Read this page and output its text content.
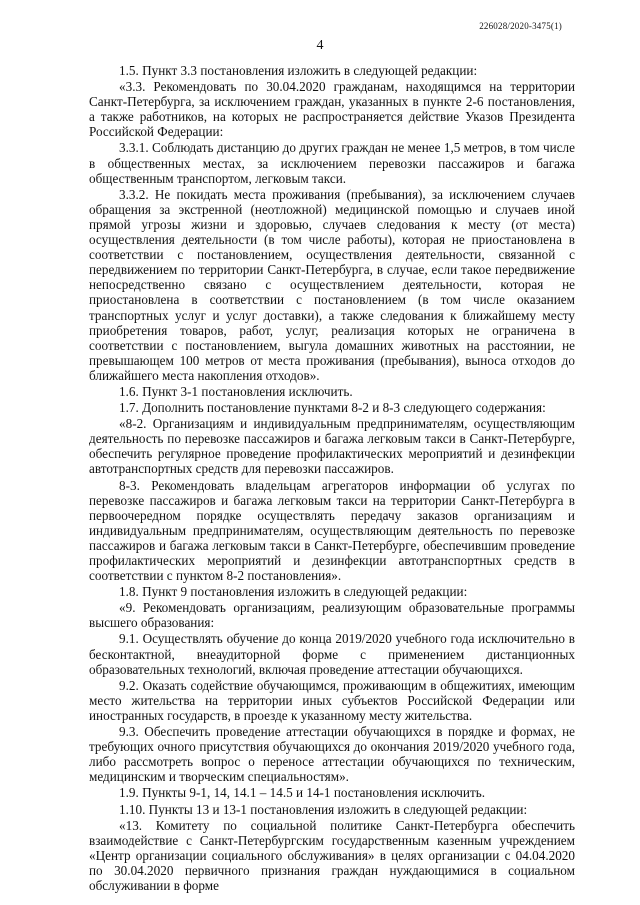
226028/2020-3475(1)
4

1.5. Пункт 3.3 постановления изложить в следующей редакции:

«3.3. Рекомендовать по 30.04.2020 гражданам, находящимся на территории Санкт-Петербурга, за исключением граждан, указанных в пункте 2-6 постановления, а также работников, на которых не распространяется действие Указов Президента Российской Федерации:

3.3.1. Соблюдать дистанцию до других граждан не менее 1,5 метров, в том числе в общественных местах, за исключением перевозки пассажиров и багажа общественным транспортом, легковым такси.

3.3.2. Не покидать места проживания (пребывания), за исключением случаев обращения за экстренной (неотложной) медицинской помощью и случаев иной прямой угрозы жизни и здоровью, случаев следования к месту (от места) осуществления деятельности (в том числе работы), которая не приостановлена в соответствии с постановлением, осуществления деятельности, связанной с передвижением по территории Санкт-Петербурга, в случае, если такое передвижение непосредственно связано с осуществлением деятельности, которая не приостановлена в соответствии с постановлением (в том числе оказанием транспортных услуг и услуг доставки), а также следования к ближайшему месту приобретения товаров, работ, услуг, реализация которых не ограничена в соответствии с постановлением, выгула домашних животных на расстоянии, не превышающем 100 метров от места проживания (пребывания), выноса отходов до ближайшего места накопления отходов».

1.6. Пункт 3-1 постановления исключить.

1.7. Дополнить постановление пунктами 8-2 и 8-3 следующего содержания:

«8-2. Организациям и индивидуальным предпринимателям, осуществляющим деятельность по перевозке пассажиров и багажа легковым такси в Санкт-Петербурге, обеспечить регулярное проведение профилактических мероприятий и дезинфекции автотранспортных средств для перевозки пассажиров.

8-3. Рекомендовать владельцам агрегаторов информации об услугах по перевозке пассажиров и багажа легковым такси на территории Санкт-Петербурга в первоочередном порядке осуществлять передачу заказов организациям и индивидуальным предпринимателям, осуществляющим деятельность по перевозке пассажиров и багажа легковым такси в Санкт-Петербурге, обеспечившим проведение профилактических мероприятий и дезинфекции автотранспортных средств в соответствии с пунктом 8-2 постановления».

1.8. Пункт 9 постановления изложить в следующей редакции:

«9. Рекомендовать организациям, реализующим образовательные программы высшего образования:

9.1. Осуществлять обучение до конца 2019/2020 учебного года исключительно в бесконтактной, внеаудиторной форме с применением дистанционных образовательных технологий, включая проведение аттестации обучающихся.

9.2. Оказать содействие обучающимся, проживающим в общежитиях, имеющим место жительства на территории иных субъектов Российской Федерации или иностранных государств, в проезде к указанному месту жительства.

9.3. Обеспечить проведение аттестации обучающихся в порядке и формах, не требующих очного присутствия обучающихся до окончания 2019/2020 учебного года, либо рассмотреть вопрос о переносе аттестации обучающихся по техническим, медицинским и творческим специальностям».

1.9. Пункты 9-1, 14, 14.1 – 14.5 и 14-1 постановления исключить.

1.10. Пункты 13 и 13-1 постановления изложить в следующей редакции:

«13. Комитету по социальной политике Санкт-Петербурга обеспечить взаимодействие с Санкт-Петербургским государственным казенным учреждением «Центр организации социального обслуживания» в целях организации с 04.04.2020 по 30.04.2020 первичного признания граждан нуждающимися в социальном обслуживании в форме
